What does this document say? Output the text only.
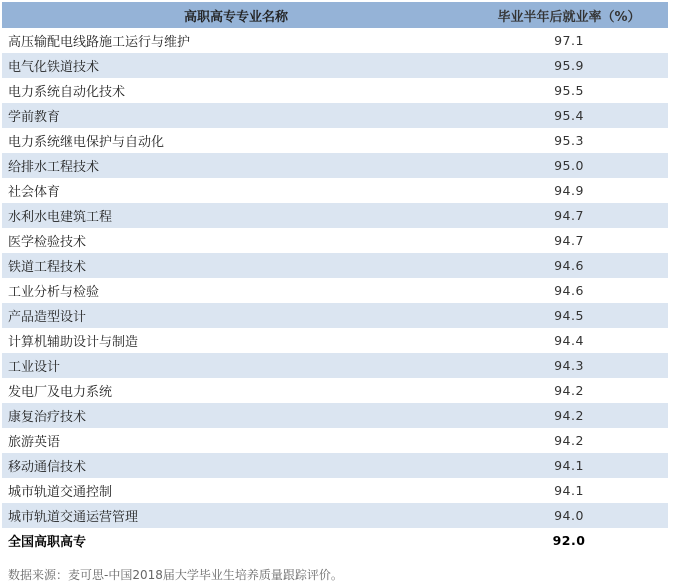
高职高专专业名称	毕业半年后就业率（%）
高压输配电线路施工运行与维护	97.1
电气化铁道技术	95.9
电力系统自动化技术	95.5
学前教育	95.4
电力系统继电保护与自动化	95.3
给排水工程技术	95.0
社会体育	94.9
水利水电建筑工程	94.7
医学检验技术	94.7
铁道工程技术	94.6
工业分析与检验	94.6
产品造型设计	94.5
计算机辅助设计与制造	94.4
工业设计	94.3
发电厂及电力系统	94.2
康复治疗技术	94.2
旅游英语	94.2
移动通信技术	94.1
城市轨道交通控制	94.1
城市轨道交通运营管理	94.0
全国高职高专	92.0
数据来源：麦可思-中国2018届大学毕业生培养质量跟踪评价。
